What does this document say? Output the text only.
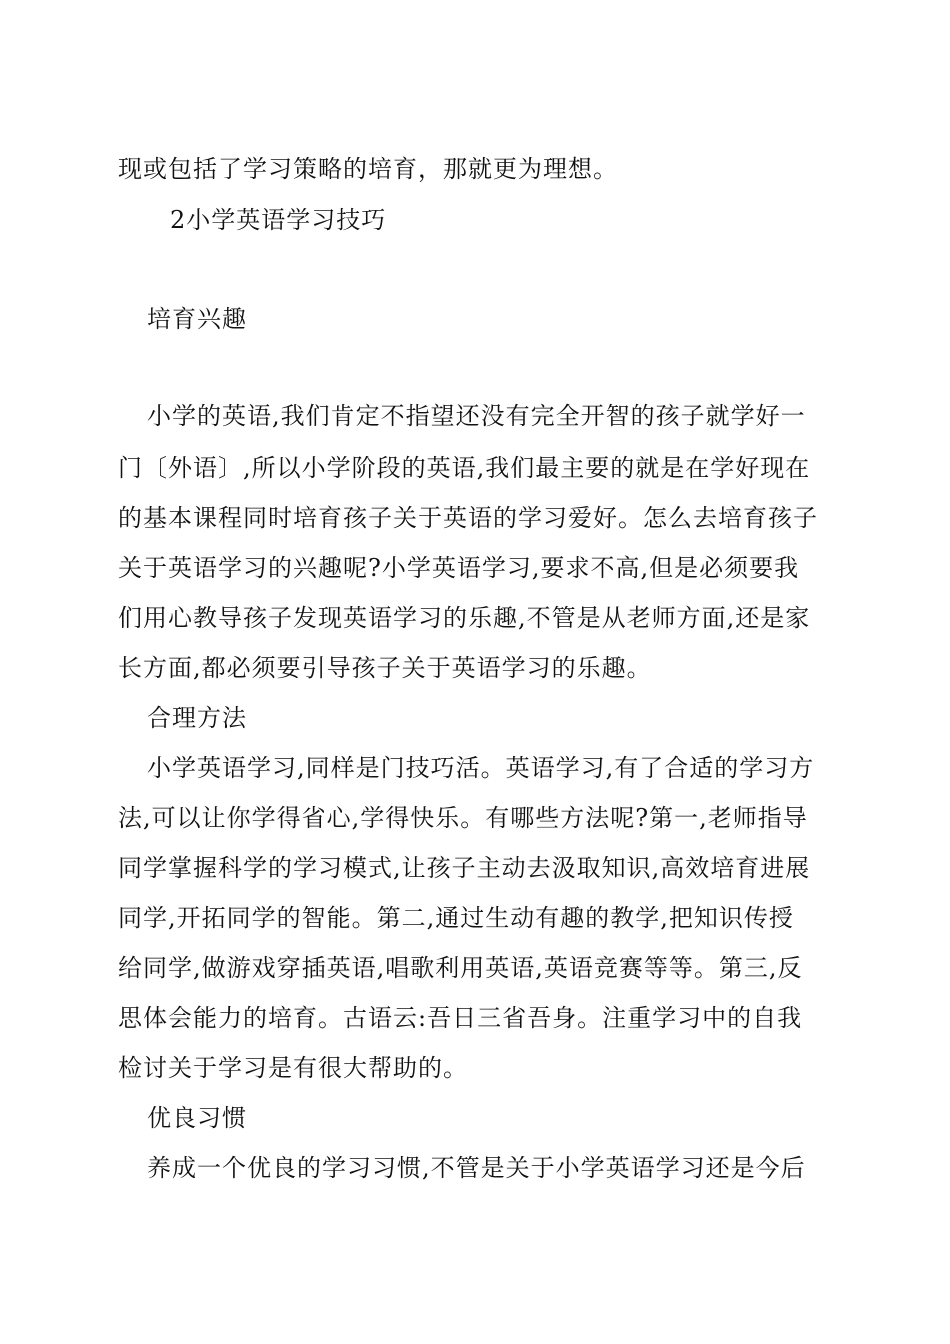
现或包括了学习策略的培育，那就更为理想。
2小学英语学习技巧
培育兴趣
小学的英语,我们肯定不指望还没有完全开智的孩子就学好一
门〔外语〕,所以小学阶段的英语,我们最主要的就是在学好现在
的基本课程同时培育孩子关于英语的学习爱好。怎么去培育孩子
关于英语学习的兴趣呢?小学英语学习,要求不高,但是必须要我
们用心教导孩子发现英语学习的乐趣,不管是从老师方面,还是家
长方面,都必须要引导孩子关于英语学习的乐趣。
合理方法
小学英语学习,同样是门技巧活。英语学习,有了合适的学习方
法,可以让你学得省心,学得快乐。有哪些方法呢?第一,老师指导
同学掌握科学的学习模式,让孩子主动去汲取知识,高效培育进展
同学,开拓同学的智能。第二,通过生动有趣的教学,把知识传授
给同学,做游戏穿插英语,唱歌利用英语,英语竞赛等等。第三,反
思体会能力的培育。古语云:吾日三省吾身。注重学习中的自我
检讨关于学习是有很大帮助的。
优良习惯
养成一个优良的学习习惯,不管是关于小学英语学习还是今后
